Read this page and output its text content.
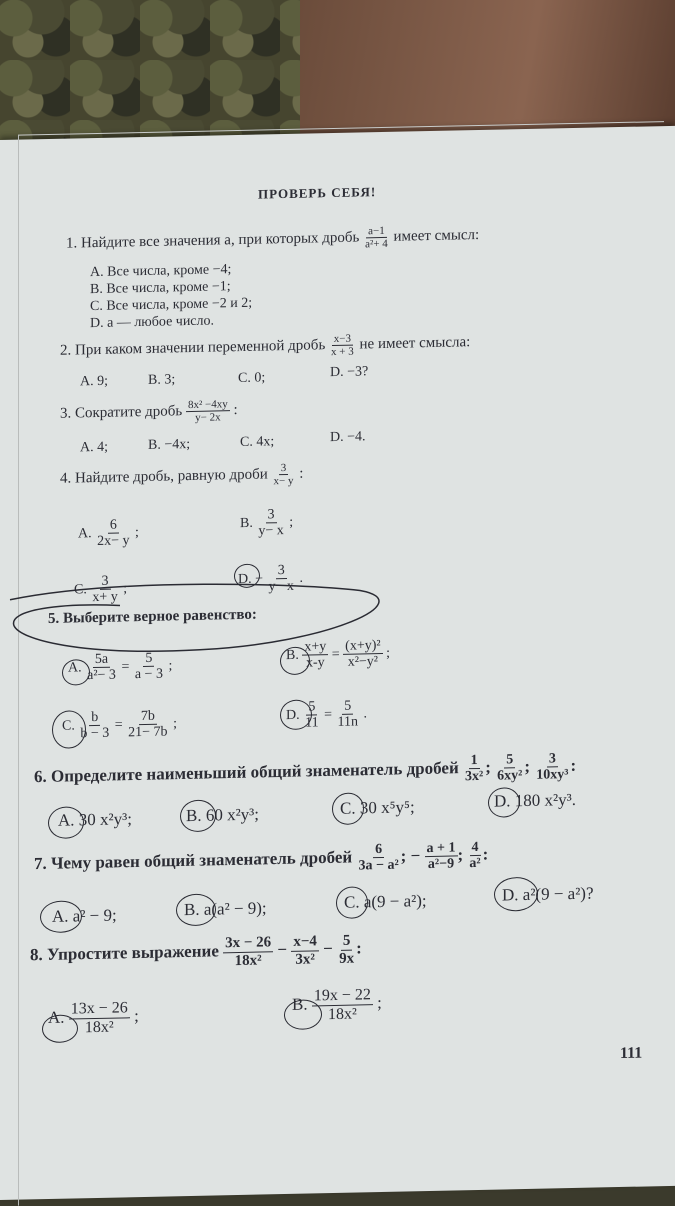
ПРОВЕРЬ СЕБЯ!
1. Найдите все значения a, при которых дробь $\frac{a-1}{\text{a²+ 4}}$ имеет смысл:
A. Все числа, кроме −4;
B. Все числа, кроме −1;
C. Все числа, кроме −2 и 2;
D. a — любое число.
2. При каком значении переменной дробь $\frac{x-3}{x + 3}$ не имеет смысла:
A. 9;	B. 3;	C. 0;	D. −3?
3. Сократите дробь $\frac{\text{8x² −4xy}}{y- 2x}$ :
A. 4;	B. −4x;	C. 4x;	D. −4.
4. Найдите дробь, равную дроби $\frac{3}{x- y}$ :
A. $\frac{6}{2x- y}$ ;
B. $\frac{3}{y- x}$ ;
C. $\frac{3}{x+ y}$ ;
D. − $\frac{3}{y- x}$ .
5. Выберите верное равенство:
A. $\frac{5a}{\text{a²− 3}} = \frac{5}{a - 3}$ ;
B. $\frac{x+y}{x-y} = \frac{\text{(x+y)²}}{\text{x²−y²}}$ ;
C. $\frac{b}{b - 3} = \frac{7b}{21- 7b}$ ;
D. $\frac{5}{11} = \frac{5}{11n}$ .
6. Определите наименьший общий знаменатель дробей $\frac{1}{\text{3x²}}$ ; $\frac{5}{\text{6xy²}}$ ; $\frac{3}{\text{10xy³}}$ :
A. 30 x²y³;	B. 60 x²y³;	C. 30 x⁵y⁵;	D. 180 x²y³.
7. Чему равен общий знаменатель дробей $\frac{6}{\text{3a − a²}}$ ; − $\frac{a + 1}{\text{a²−9}}$ ; $\frac{4}{\text{a²}}$ :
A. a² − 9;	B. a(a² − 9);	C. a(9 − a²);	D. a²(9 − a²)?
8. Упростите выражение $\frac{3x - 26}{\text{18x²}} - \frac{x-4}{\text{3x²}} - \frac{5}{9x}$ :
A. $\frac{13x - 26}{\text{18x²}}$ ;
B. $\frac{19x - 22}{\text{18x²}}$ ;
111
